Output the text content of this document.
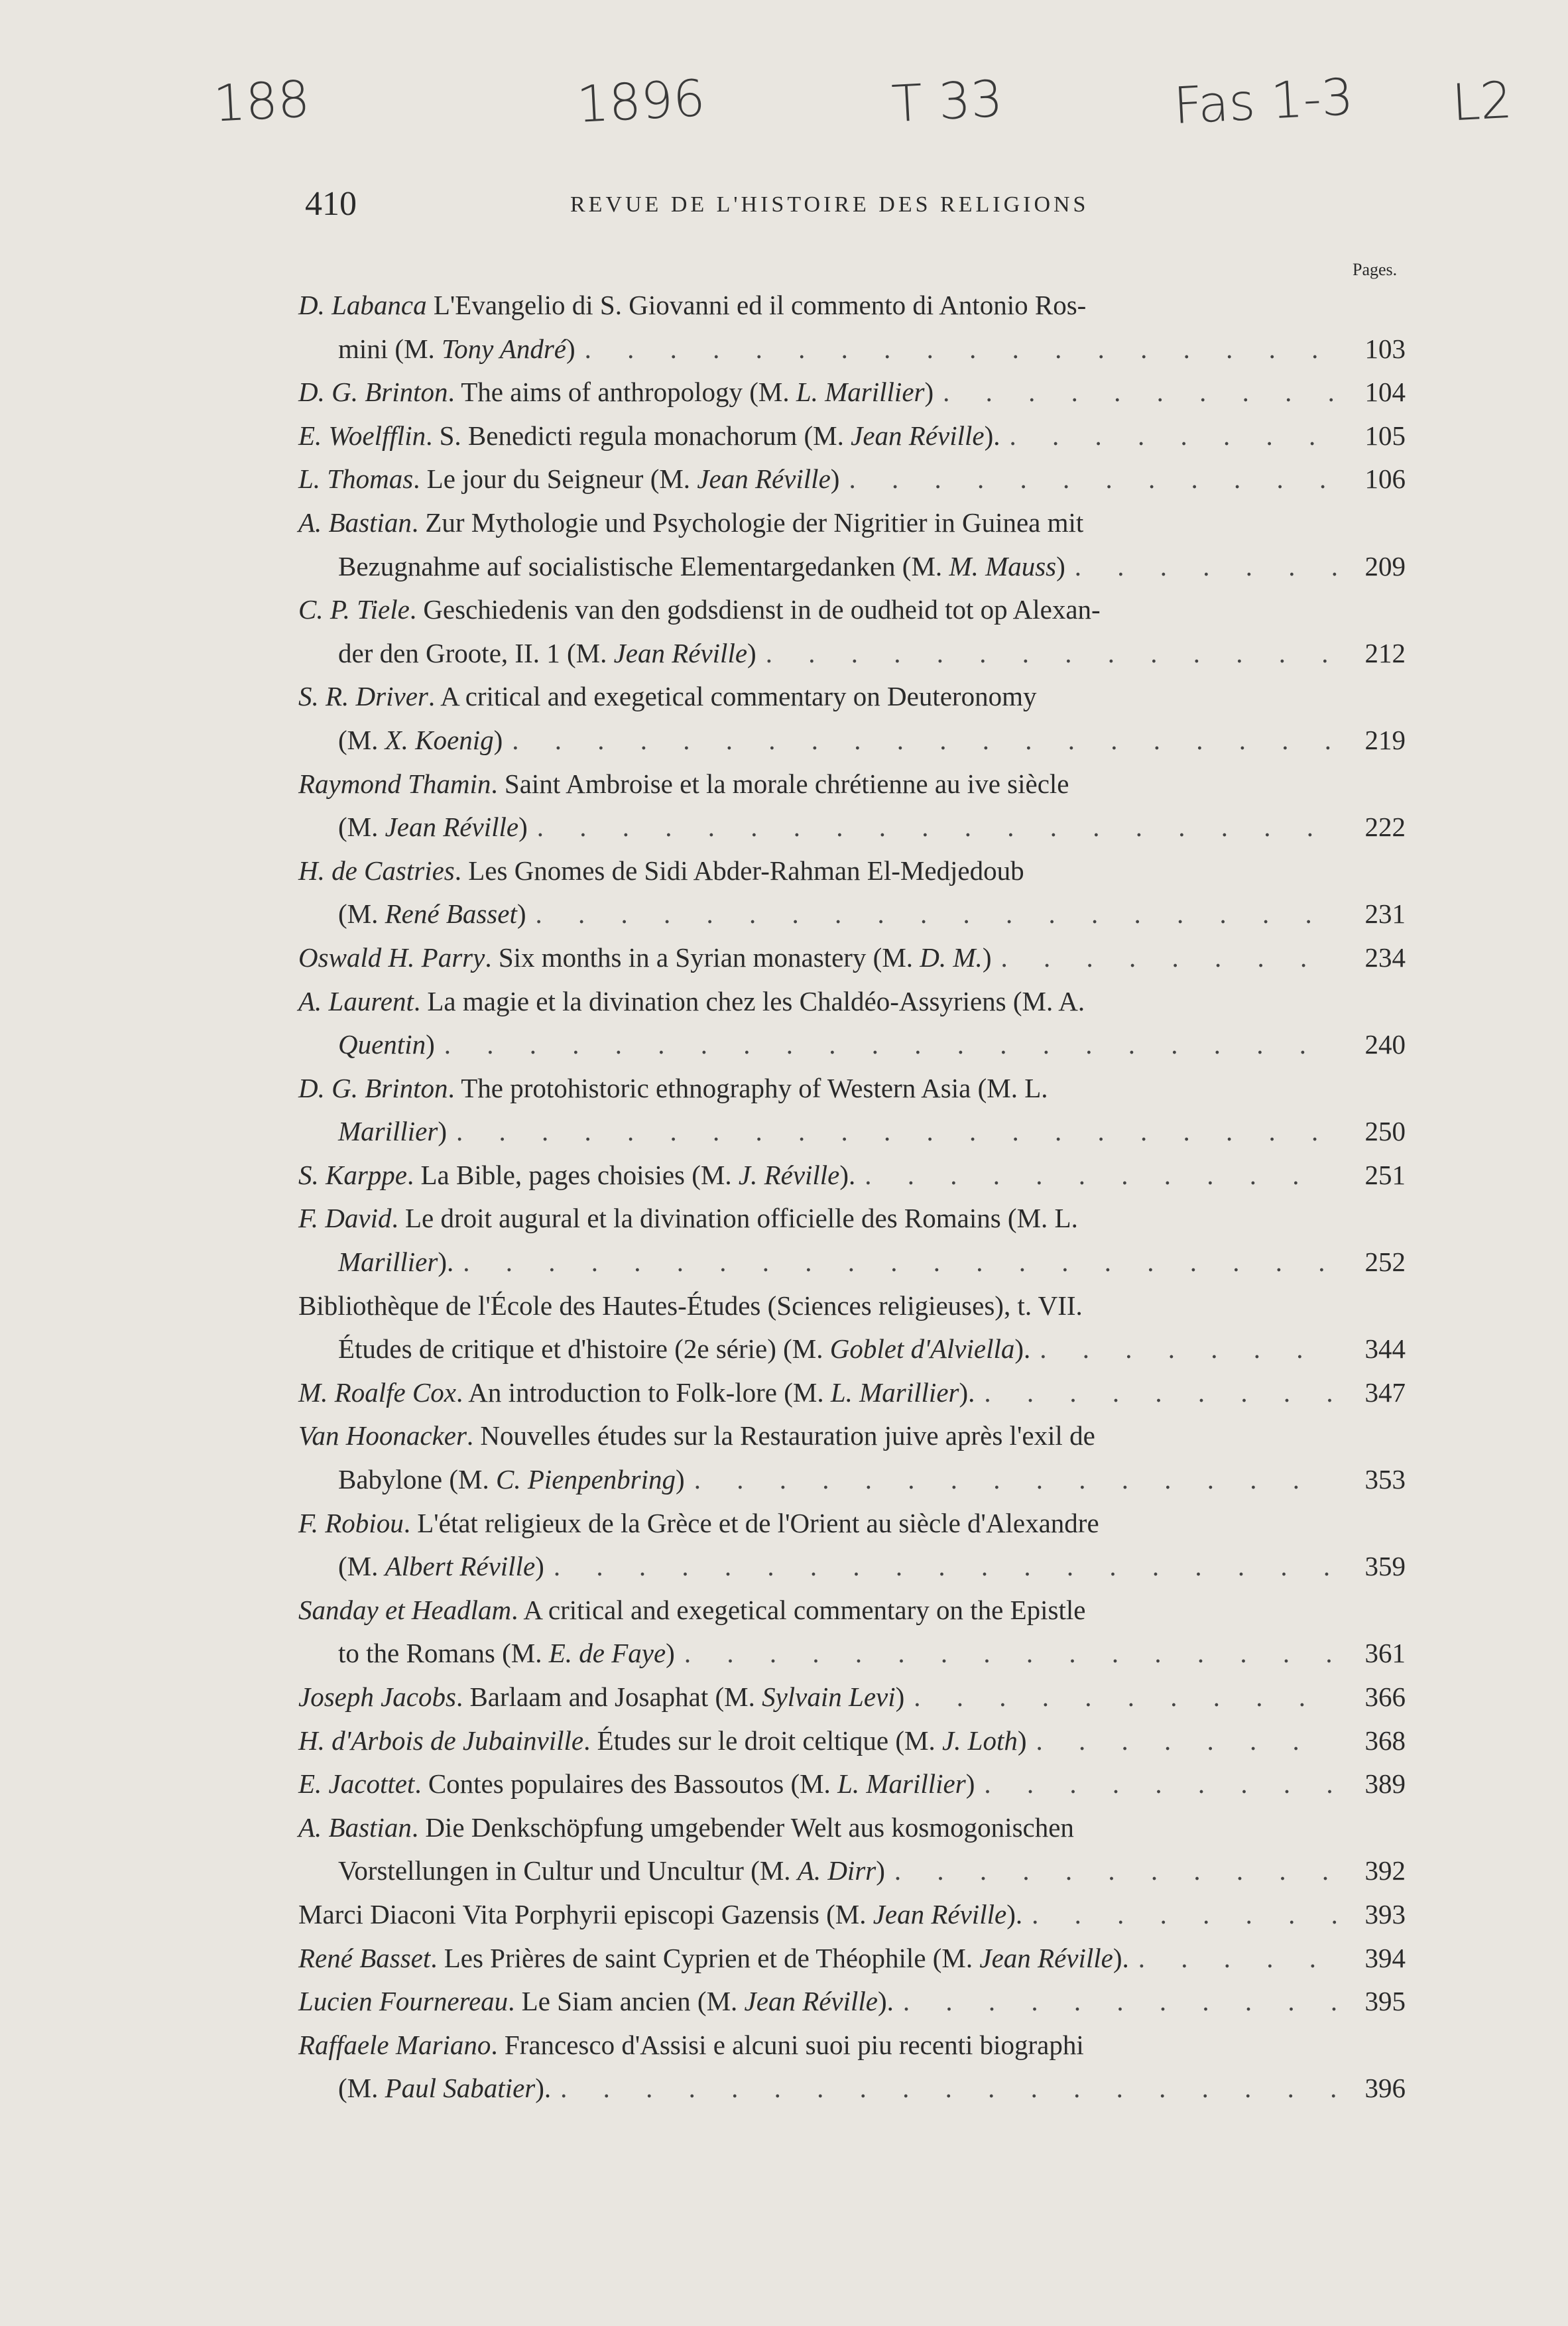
188	1896	T 33	Fas 1-3 L2
410	REVUE DE L'HISTOIRE DES RELIGIONS
Pages.
D. Labanca L'Evangelio di S. Giovanni ed il commento di Antonio Ros-
mini (M. Tony André) . . .	103
D. G. Brinton. The aims of anthropology (M. L. Marillier) . . .	104
E. Woelfflin. S. Benedicti regula monachorum (M. Jean Réville). . . .	105
L. Thomas. Le jour du Seigneur (M. Jean Réville) . . .	106
A. Bastian. Zur Mythologie und Psychologie der Nigritier in Guinea mit
Bezugnahme auf socialistische Elementargedanken (M. M. Mauss) . . .	209
C. P. Tiele. Geschiedenis van den godsdienst in de oudheid tot op Alexan-
der den Groote, II. 1 (M. Jean Réville) . . .	212
S. R. Driver. A critical and exegetical commentary on Deuteronomy
(M. X. Koenig) . . .	219
Raymond Thamin. Saint Ambroise et la morale chrétienne au ive siècle
(M. Jean Réville) . . .	222
H. de Castries. Les Gnomes de Sidi Abder-Rahman El-Medjedoub
(M. René Basset) . . .	231
Oswald H. Parry. Six months in a Syrian monastery (M. D. M.) . . .	234
A. Laurent. La magie et la divination chez les Chaldéo-Assyriens (M. A.
Quentin) . . .	240
D. G. Brinton. The protohistoric ethnography of Western Asia (M. L.
Marillier) . . .	250
S. Karppe. La Bible, pages choisies (M. J. Réville). . . .	251
F. David. Le droit augural et la divination officielle des Romains (M. L.
Marillier). . . .	252
Bibliothèque de l'École des Hautes-Études (Sciences religieuses), t. VII.
Études de critique et d'histoire (2e série) (M. Goblet d'Alviella). . . .	344
M. Roalfe Cox. An introduction to Folk-lore (M. L. Marillier). . . .	347
Van Hoonacker. Nouvelles études sur la Restauration juive après l'exil de
Babylone (M. C. Pienpenbring) . . .	353
F. Robiou. L'état religieux de la Grèce et de l'Orient au siècle d'Alexandre
(M. Albert Réville) . . .	359
Sanday et Headlam. A critical and exegetical commentary on the Epistle
to the Romans (M. E. de Faye) . . .	361
Joseph Jacobs. Barlaam and Josaphat (M. Sylvain Levi) . . .	366
H. d'Arbois de Jubainville. Études sur le droit celtique (M. J. Loth) . . .	368
E. Jacottet. Contes populaires des Bassoutos (M. L. Marillier) . . .	389
A. Bastian. Die Denkschöpfung umgebender Welt aus kosmogonischen
Vorstellungen in Cultur und Uncultur (M. A. Dirr) . . .	392
Marci Diaconi Vita Porphyrii episcopi Gazensis (M. Jean Réville). . . .	393
René Basset. Les Prières de saint Cyprien et de Théophile (M. Jean Réville). . . .	394
Lucien Fournereau. Le Siam ancien (M. Jean Réville). . . .	395
Raffaele Mariano. Francesco d'Assisi e alcuni suoi piu recenti biographi
(M. Paul Sabatier). . . .	396
